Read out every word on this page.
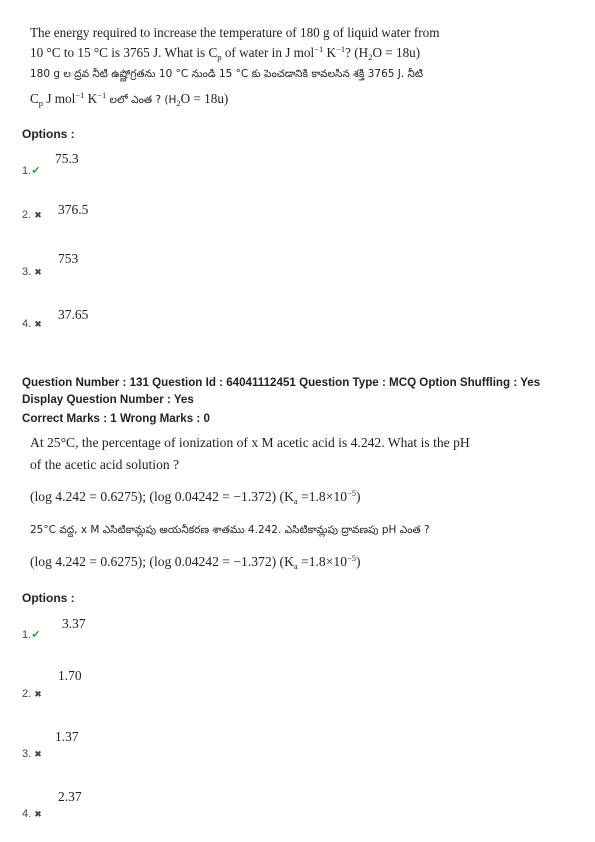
The energy required to increase the temperature of 180 g of liquid water from
10 °C to 15 °C is 3765 J. What is $C_p$ of water in J mol$^{-1}$ $K^{-1}$? $(H_2O = 18u)$
180 g ల ద్రవ నీటి ఉష్ణోగ్రతను 10 °C నుండి 15 °C కు పెంచడానికి కావలసిన శక్తి 3765 J. నీటి
$C_p$ J mol$^{-1}$ $K^{-1}$ లలో ఎంత ? $(H_2O = 18u)$
Options :
1.✔
75.3
2. ✖ 376.5
3. ✖
753
4. ✖
37.65
Question Number : 131 Question Id : 64041112451 Question Type : MCQ Option Shuffling : Yes
Display Question Number : Yes
Correct Marks : 1 Wrong Marks : 0
At 25°C, the percentage of ionization of x M acetic acid is 4.242. What is the pH
of the acetic acid solution ?
(log 4.242 = 0.6275); (log 0.04242 = −1.372) $(K_a =1.8\times 10^{-5})$
25°C వద్ద, x M ఎసిటికామ్లపు అయనీకరణ శాతము 4.242. ఎసిటికామ్లపు ద్రావణపు pH ఎంత ?
(log 4.242 = 0.6275); (log 0.04242 = −1.372) $(K_a =1.8\times 10^{-5})$
Options :
1.✔
3.37
2. ✖
1.70
3. ✖
1.37
4. ✖
2.37
